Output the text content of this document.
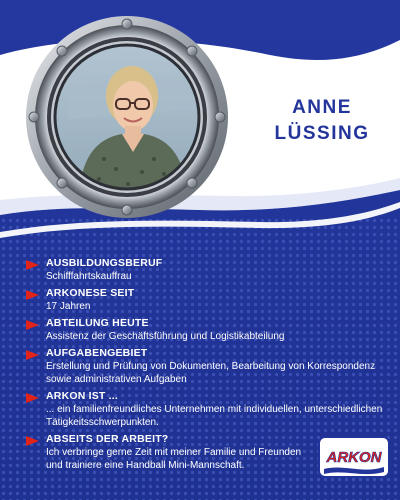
ANNE
LÜSSING
AUSBILDUNGSBERUF
Schifffahrtskauffrau
ARKONESE SEIT
17 Jahren
ABTEILUNG HEUTE
Assistenz der Geschäftsführung und Logistikabteilung
AUFGABENGEBIET
Erstellung und Prüfung von Dokumenten, Bearbeitung von Korrespondenz sowie administrativen Aufgaben
ARKON IST ...
... ein familienfreundliches Unternehmen mit individuellen, unterschiedlichen Tätigkeitsschwerpunkten.
ABSEITS DER ARBEIT?
Ich verbringe gerne Zeit mit meiner Familie und Freunden und trainiere eine Handball Mini-Mannschaft.	ARKON
